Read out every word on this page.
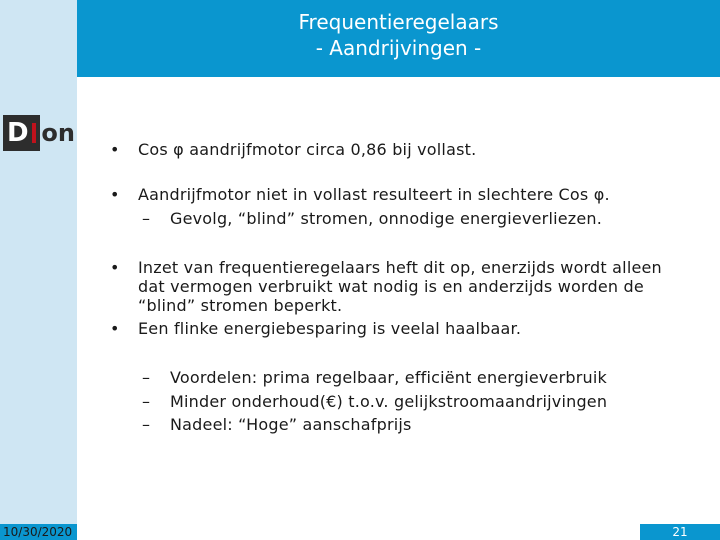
Frequentieregelaars
- Aandrijvingen -
D on
• Cos φ aandrijfmotor circa 0,86 bij vollast.
• Aandrijfmotor niet in vollast resulteert in slechtere Cos φ.
– Gevolg, “blind” stromen, onnodige energieverliezen.
• Inzet van frequentieregelaars heft dit op, enerzijds wordt alleen dat vermogen verbruikt wat nodig is en anderzijds worden de “blind” stromen beperkt.
• Een flinke energiebesparing is veelal haalbaar.
– Voordelen: prima regelbaar, efficiënt energieverbruik
– Minder onderhoud(€) t.o.v. gelijkstroomaandrijvingen
– Nadeel: “Hoge” aanschafprijs
10/30/2020	21
